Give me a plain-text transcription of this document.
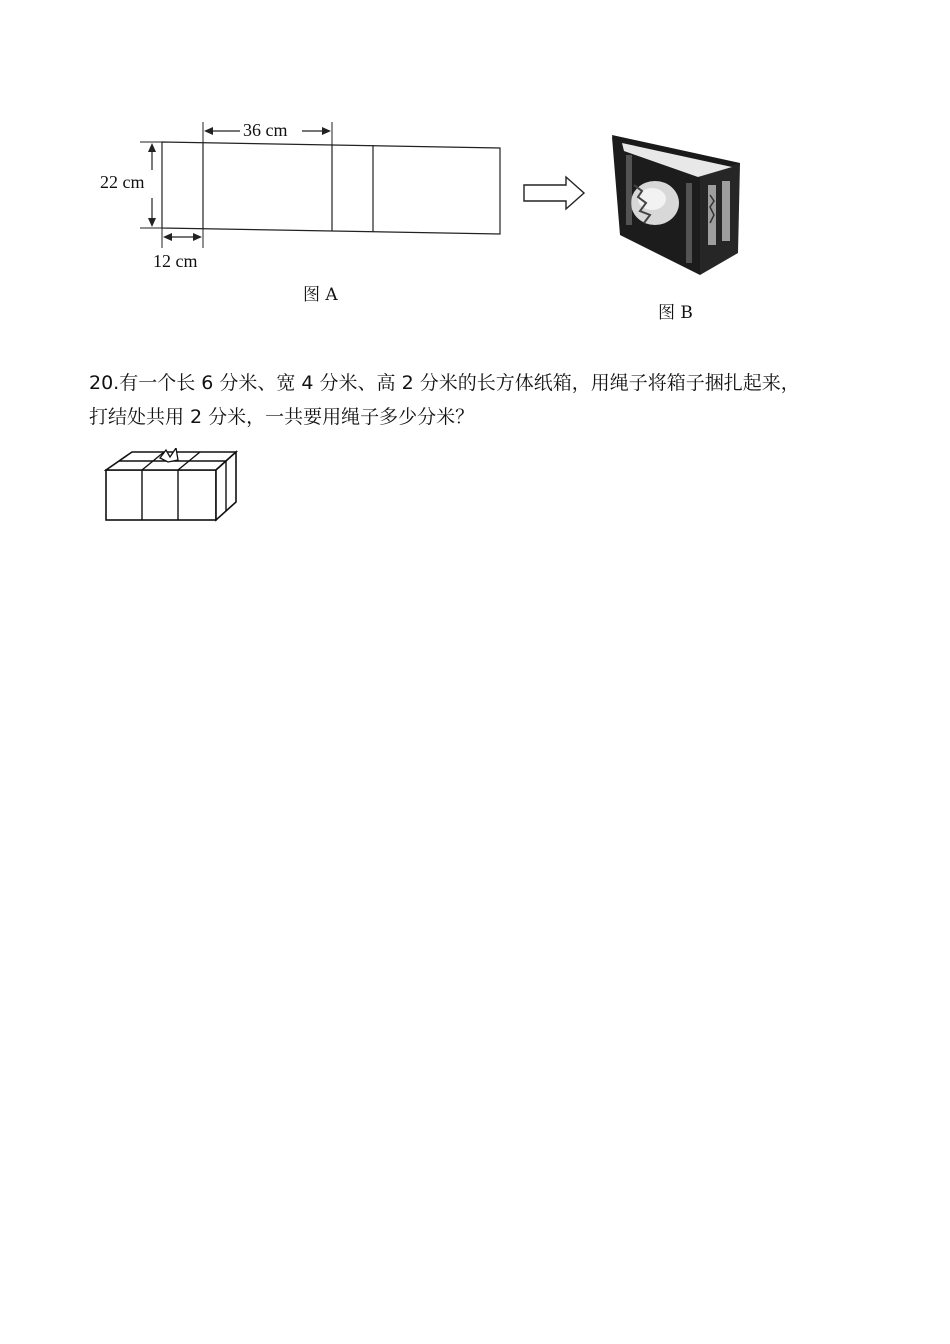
36 cm
22 cm
12 cm
图 A
图 B

20.有一个长 6 分米、宽 4 分米、高 2 分米的长方体纸箱，用绳子将箱子捆扎起来，

打结处共用 2 分米，一共要用绳子多少分米？
